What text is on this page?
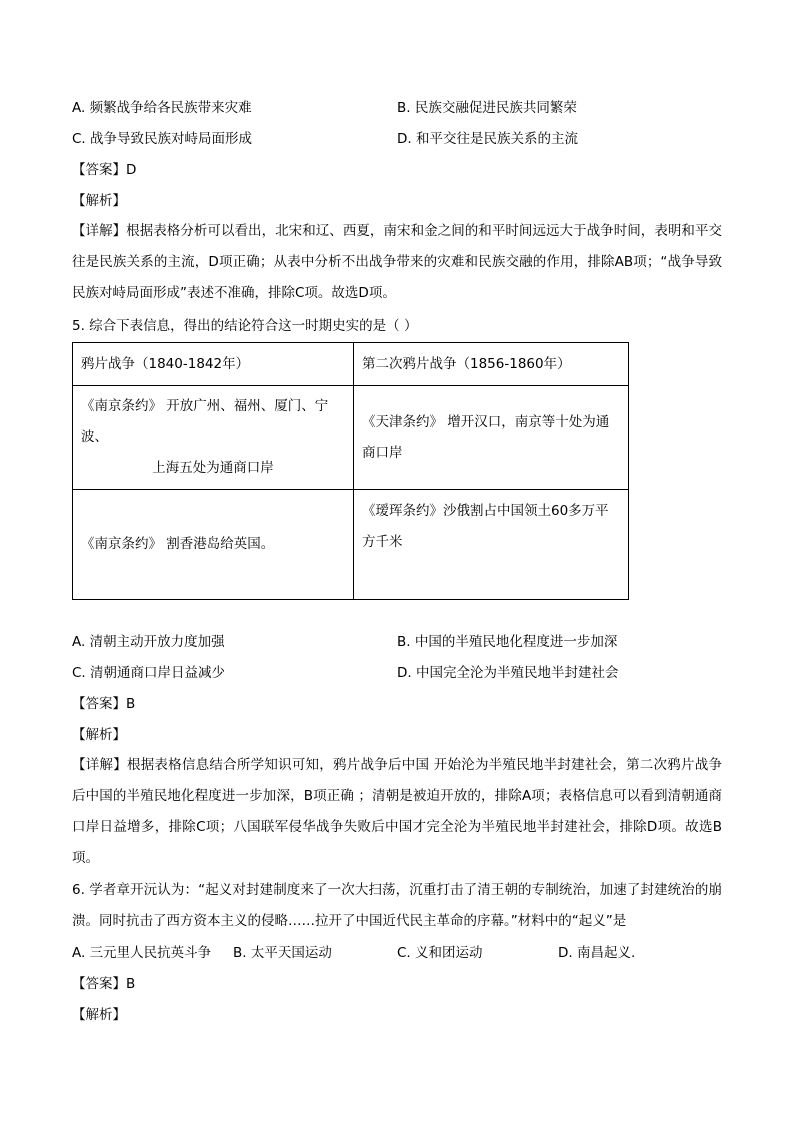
A. 频繁战争给各民族带来灾难	B. 民族交融促进民族共同繁荣
C. 战争导致民族对峙局面形成	D. 和平交往是民族关系的主流
【答案】D
【解析】
【详解】根据表格分析可以看出，北宋和辽、西夏，南宋和金之间的和平时间远远大于战争时间，表明和平交往是民族关系的主流，D项正确；从表中分析不出战争带来的灾难和民族交融的作用，排除AB项；“战争导致民族对峙局面形成”表述不准确，排除C项。故选D项。
5. 综合下表信息，得出的结论符合这一时期史实的是（ ）
鸦片战争（1840-1842年）	第二次鸦片战争（1856-1860年）
《南京条约》 开放广州、福州、厦门、宁波、
上海五处为通商口岸	《天津条约》 增开汉口，南京等十处为通商口岸
《南京条约》 割香港岛给英国。	《瑷珲条约》沙俄割占中国领土60多万平方千米
A. 清朝主动开放力度加强	B. 中国的半殖民地化程度进一步加深
C. 清朝通商口岸日益减少	D. 中国完全沦为半殖民地半封建社会
【答案】B
【解析】
【详解】根据表格信息结合所学知识可知，鸦片战争后中国 开始沦为半殖民地半封建社会，第二次鸦片战争后中国的半殖民地化程度进一步加深，B项正确 ；清朝是被迫开放的，排除A项；表格信息可以看到清朝通商口岸日益增多，排除C项；八国联军侵华战争失败后中国才完全沦为半殖民地半封建社会，排除D项。故选B项。
6. 学者章开沅认为：“起义对封建制度来了一次大扫荡，沉重打击了清王朝的专制统治，加速了封建统治的崩溃。同时抗击了西方资本主义的侵略……拉开了中国近代民主革命的序幕。”材料中的“起义”是
A. 三元里人民抗英斗争 B. 太平天国运动	C. 义和团运动	D. 南昌起义.
【答案】B
【解析】
